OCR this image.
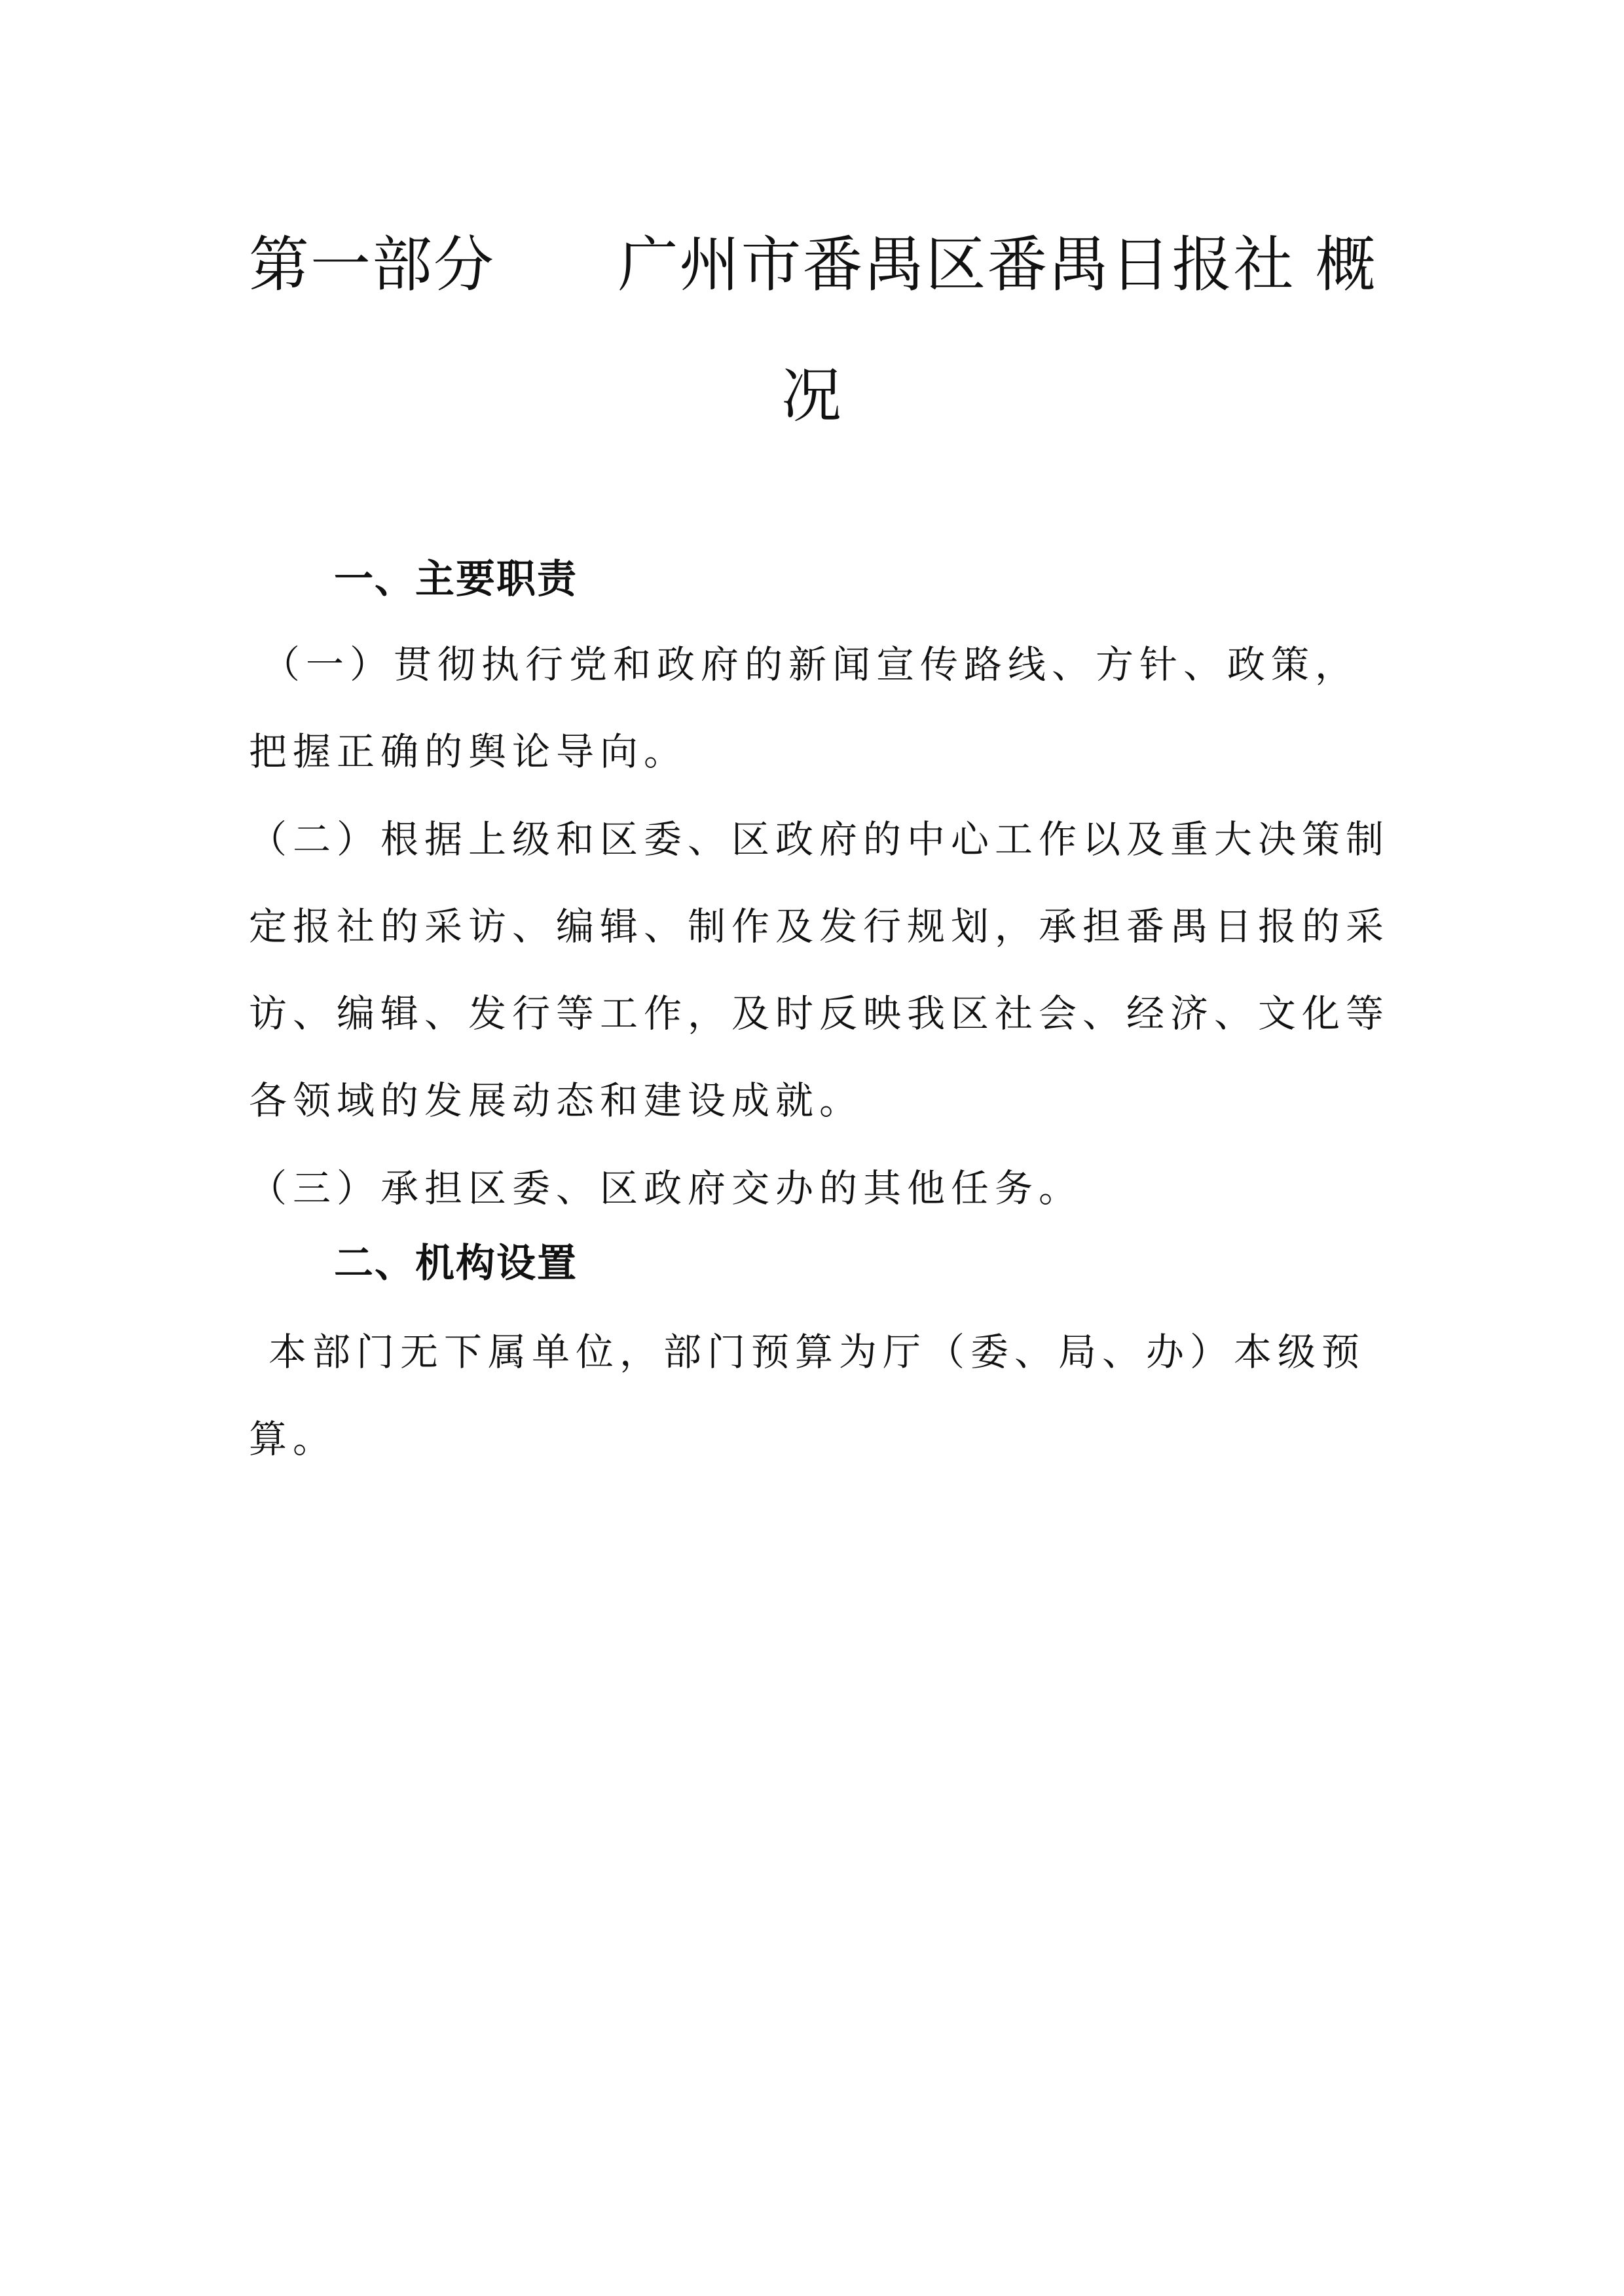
第一部分      广州市番禺区番禺日报社 概
况
一、主要职责
（一）贯彻执行党和政府的新闻宣传路线、方针、政策，
把握正确的舆论导向。
（二）根据上级和区委、区政府的中心工作以及重大决策制
定报社的采访、编辑、制作及发行规划，承担番禺日报的采
访、编辑、发行等工作，及时反映我区社会、经济、文化等
各领域的发展动态和建设成就。
（三）承担区委、区政府交办的其他任务。
二、机构设置
本部门无下属单位，部门预算为厅（委、局、办）本级预
算。
